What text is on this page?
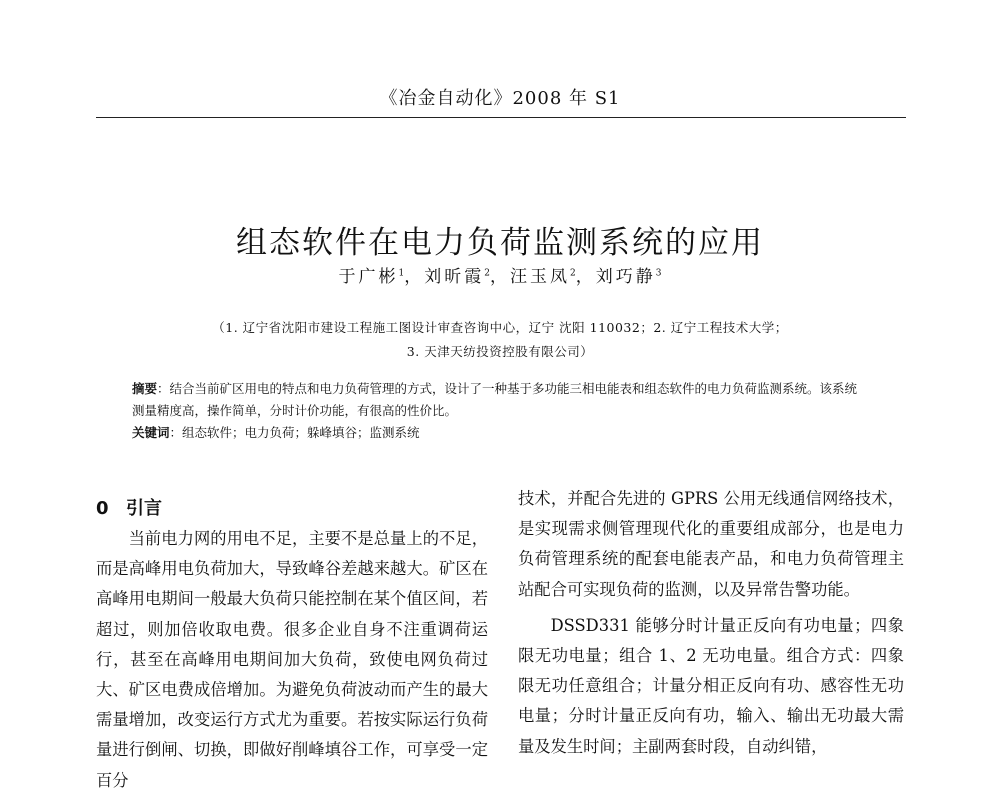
《冶金自动化》2008 年 S1
组态软件在电力负荷监测系统的应用
于广彬$^1$，刘昕霞$^2$，汪玉凤$^2$，刘巧静$^3$
（1. 辽宁省沈阳市建设工程施工图设计审查咨询中心，辽宁 沈阳 110032；2. 辽宁工程技术大学；
3. 天津天纺投资控股有限公司）

摘要：结合当前矿区用电的特点和电力负荷管理的方式，设计了一种基于多功能三相电能表和组态软件的电力负荷监测系统。该系统测量精度高，操作简单，分时计价功能，有很高的性价比。

关键词：组态软件；电力负荷；躲峰填谷；监测系统

0 引言

当前电力网的用电不足，主要不是总量上的不足，而是高峰用电负荷加大，导致峰谷差越来越大。矿区在高峰用电期间一般最大负荷只能控制在某个值区间，若超过，则加倍收取电费。很多企业自身不注重调荷运行，甚至在高峰用电期间加大负荷，致使电网负荷过大、矿区电费成倍增加。为避免负荷波动而产生的最大需量增加，改变运行方式尤为重要。若按实际运行负荷量进行倒闸、切换，即做好削峰填谷工作，可享受一定百分

技术，并配合先进的 GPRS 公用无线通信网络技术，是实现需求侧管理现代化的重要组成部分，也是电力负荷管理系统的配套电能表产品，和电力负荷管理主站配合可实现负荷的监测，以及异常告警功能。

DSSD331 能够分时计量正反向有功电量；四象限无功电量；组合 1、2 无功电量。组合方式：四象限无功任意组合；计量分相正反向有功、感容性无功电量；分时计量正反向有功，输入、输出无功最大需量及发生时间；主副两套时段，自动纠错，
